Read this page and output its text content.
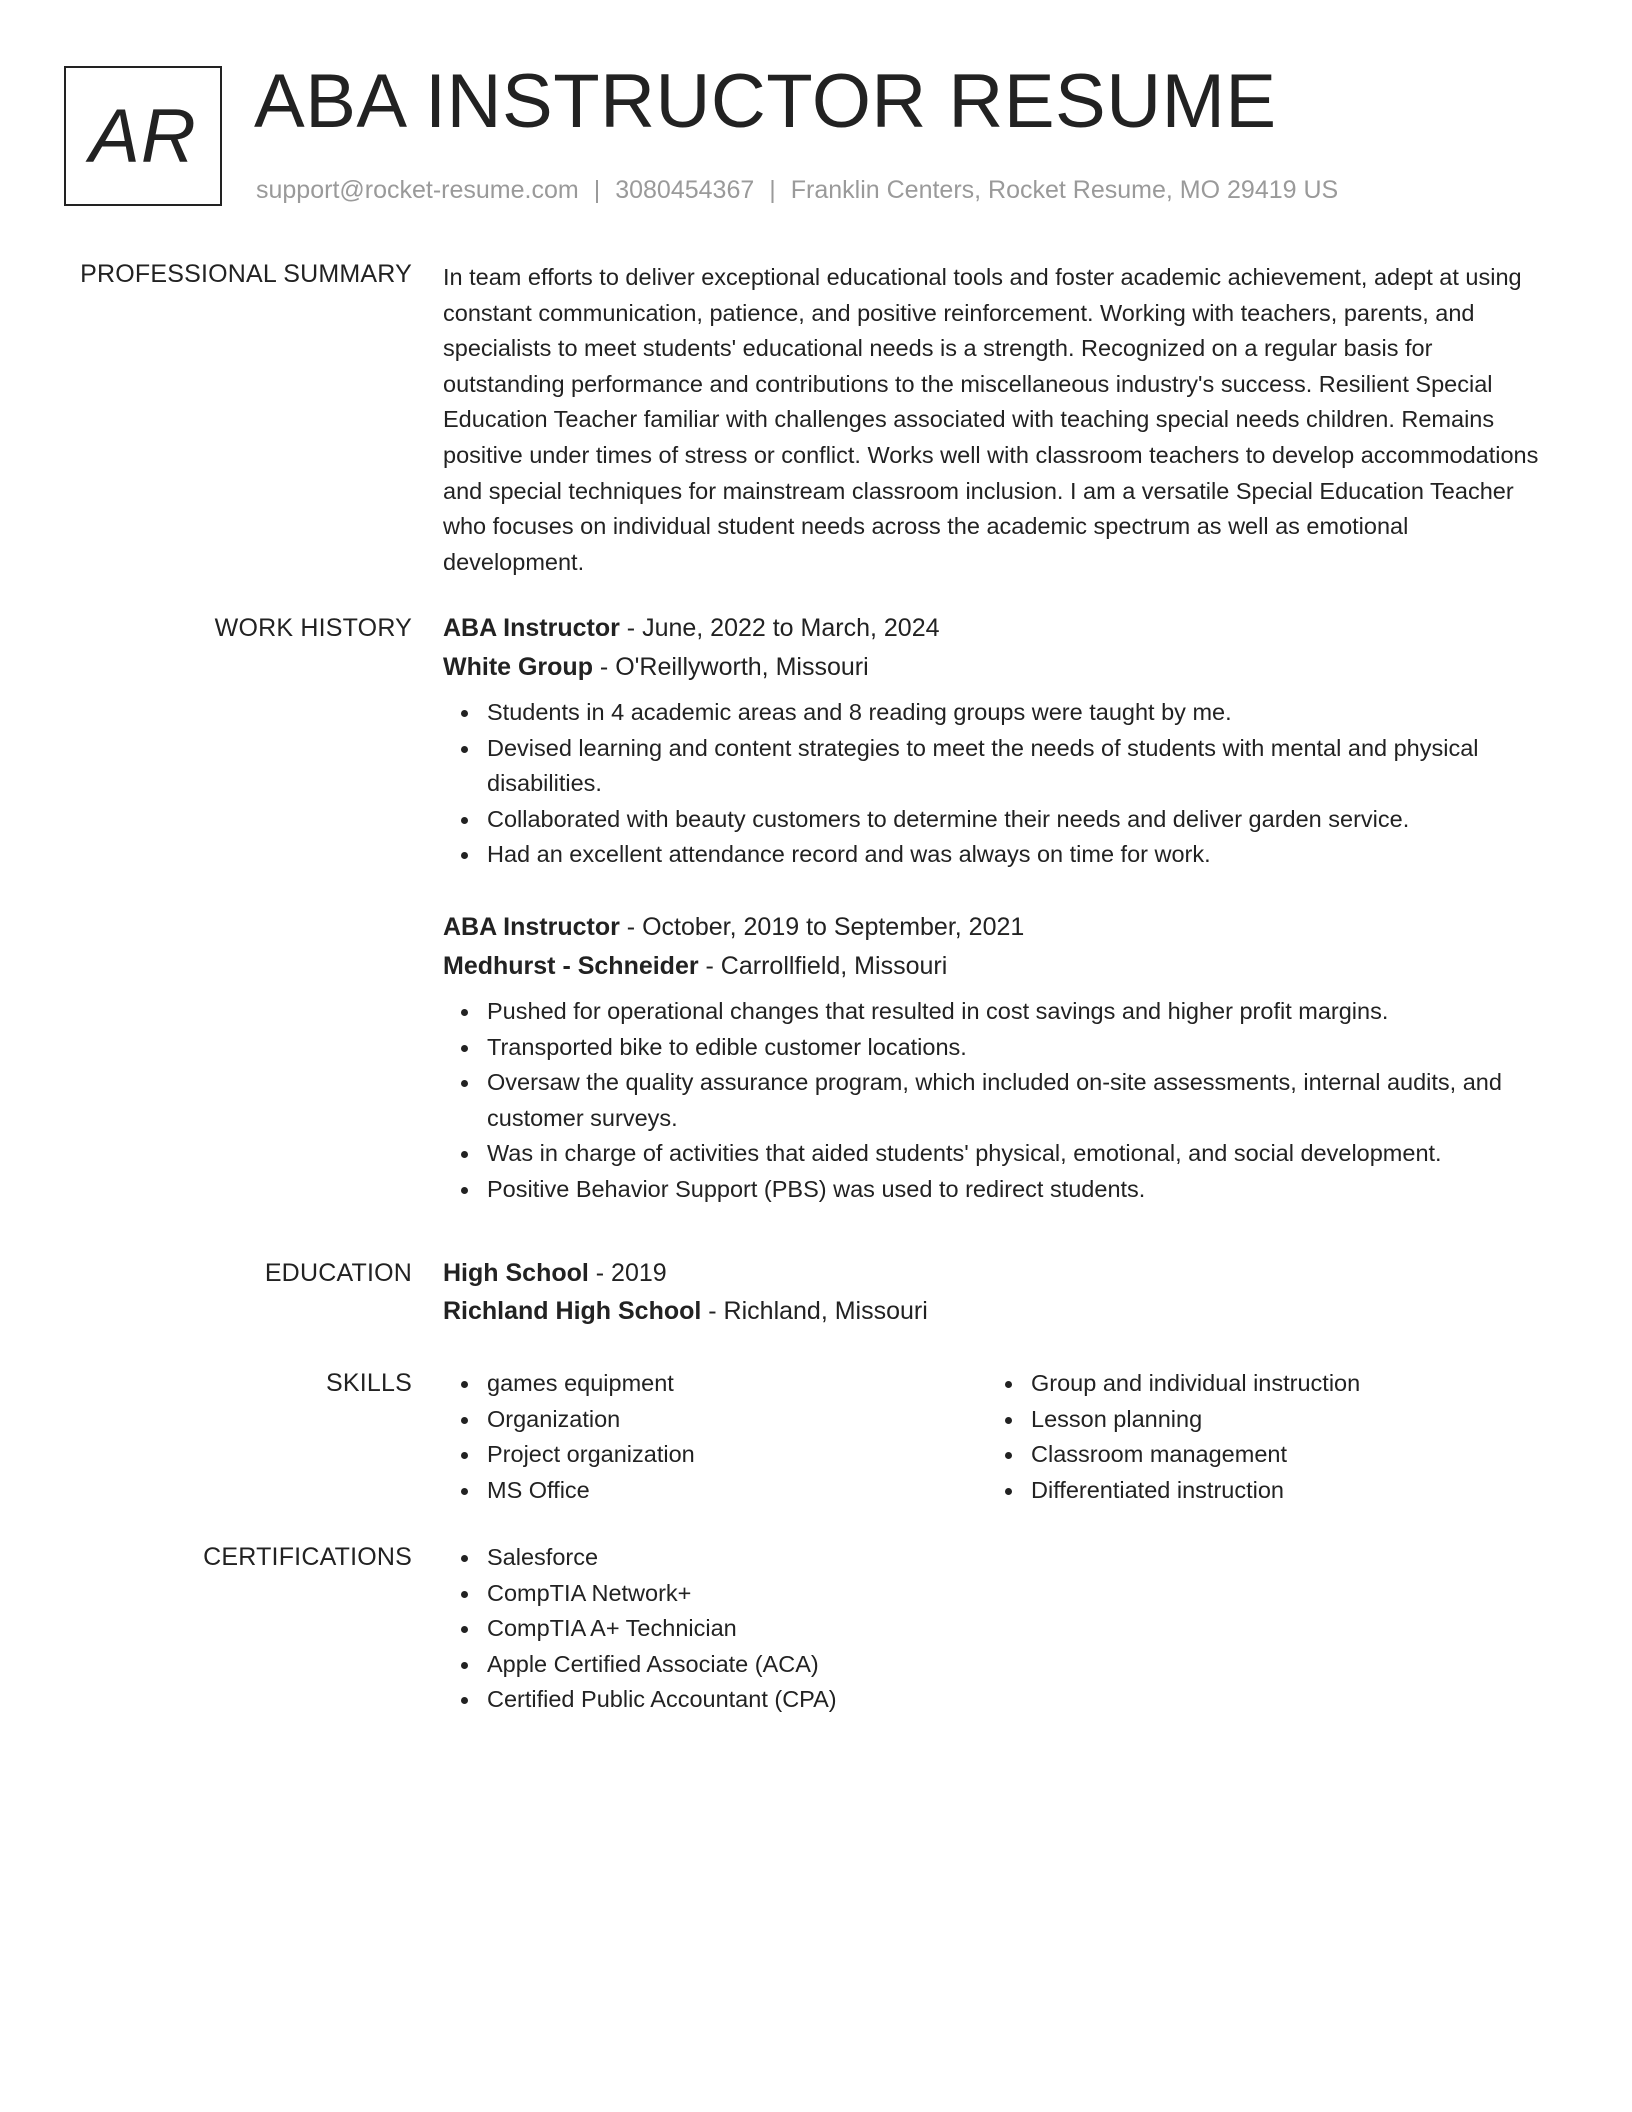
AR ABA INSTRUCTOR RESUME
support@rocket-resume.com | 3080454367 | Franklin Centers, Rocket Resume, MO 29419 US
PROFESSIONAL SUMMARY In team efforts to deliver exceptional educational tools and foster academic achievement, adept at using constant communication, patience, and positive reinforcement. Working with teachers, parents, and specialists to meet students' educational needs is a strength. Recognized on a regular basis for outstanding performance and contributions to the miscellaneous industry's success. Resilient Special Education Teacher familiar with challenges associated with teaching special needs children. Remains positive under times of stress or conflict. Works well with classroom teachers to develop accommodations and special techniques for mainstream classroom inclusion. I am a versatile Special Education Teacher who focuses on individual student needs across the academic spectrum as well as emotional development.

WORK HISTORY ABA Instructor - June, 2022 to March, 2024

White Group - O'Reillyworth, Missouri

Students in 4 academic areas and 8 reading groups were taught by me.
Devised learning and content strategies to meet the needs of students with mental and physical disabilities.
Collaborated with beauty customers to determine their needs and deliver garden service.
Had an excellent attendance record and was always on time for work.

ABA Instructor - October, 2019 to September, 2021

Medhurst - Schneider - Carrollfield, Missouri

Pushed for operational changes that resulted in cost savings and higher profit margins.
Transported bike to edible customer locations.
Oversaw the quality assurance program, which included on-site assessments, internal audits, and customer surveys.
Was in charge of activities that aided students' physical, emotional, and social development.
Positive Behavior Support (PBS) was used to redirect students.
EDUCATION High School - 2019

Richland High School - Richland, Missouri

SKILLS	games equipment
Organization
Project organization
MS Office
Group and individual instruction
Lesson planning
Classroom management
Differentiated instruction
CERTIFICATIONS	Salesforce
CompTIA Network+
CompTIA A+ Technician
Apple Certified Associate (ACA)
Certified Public Accountant (CPA)
